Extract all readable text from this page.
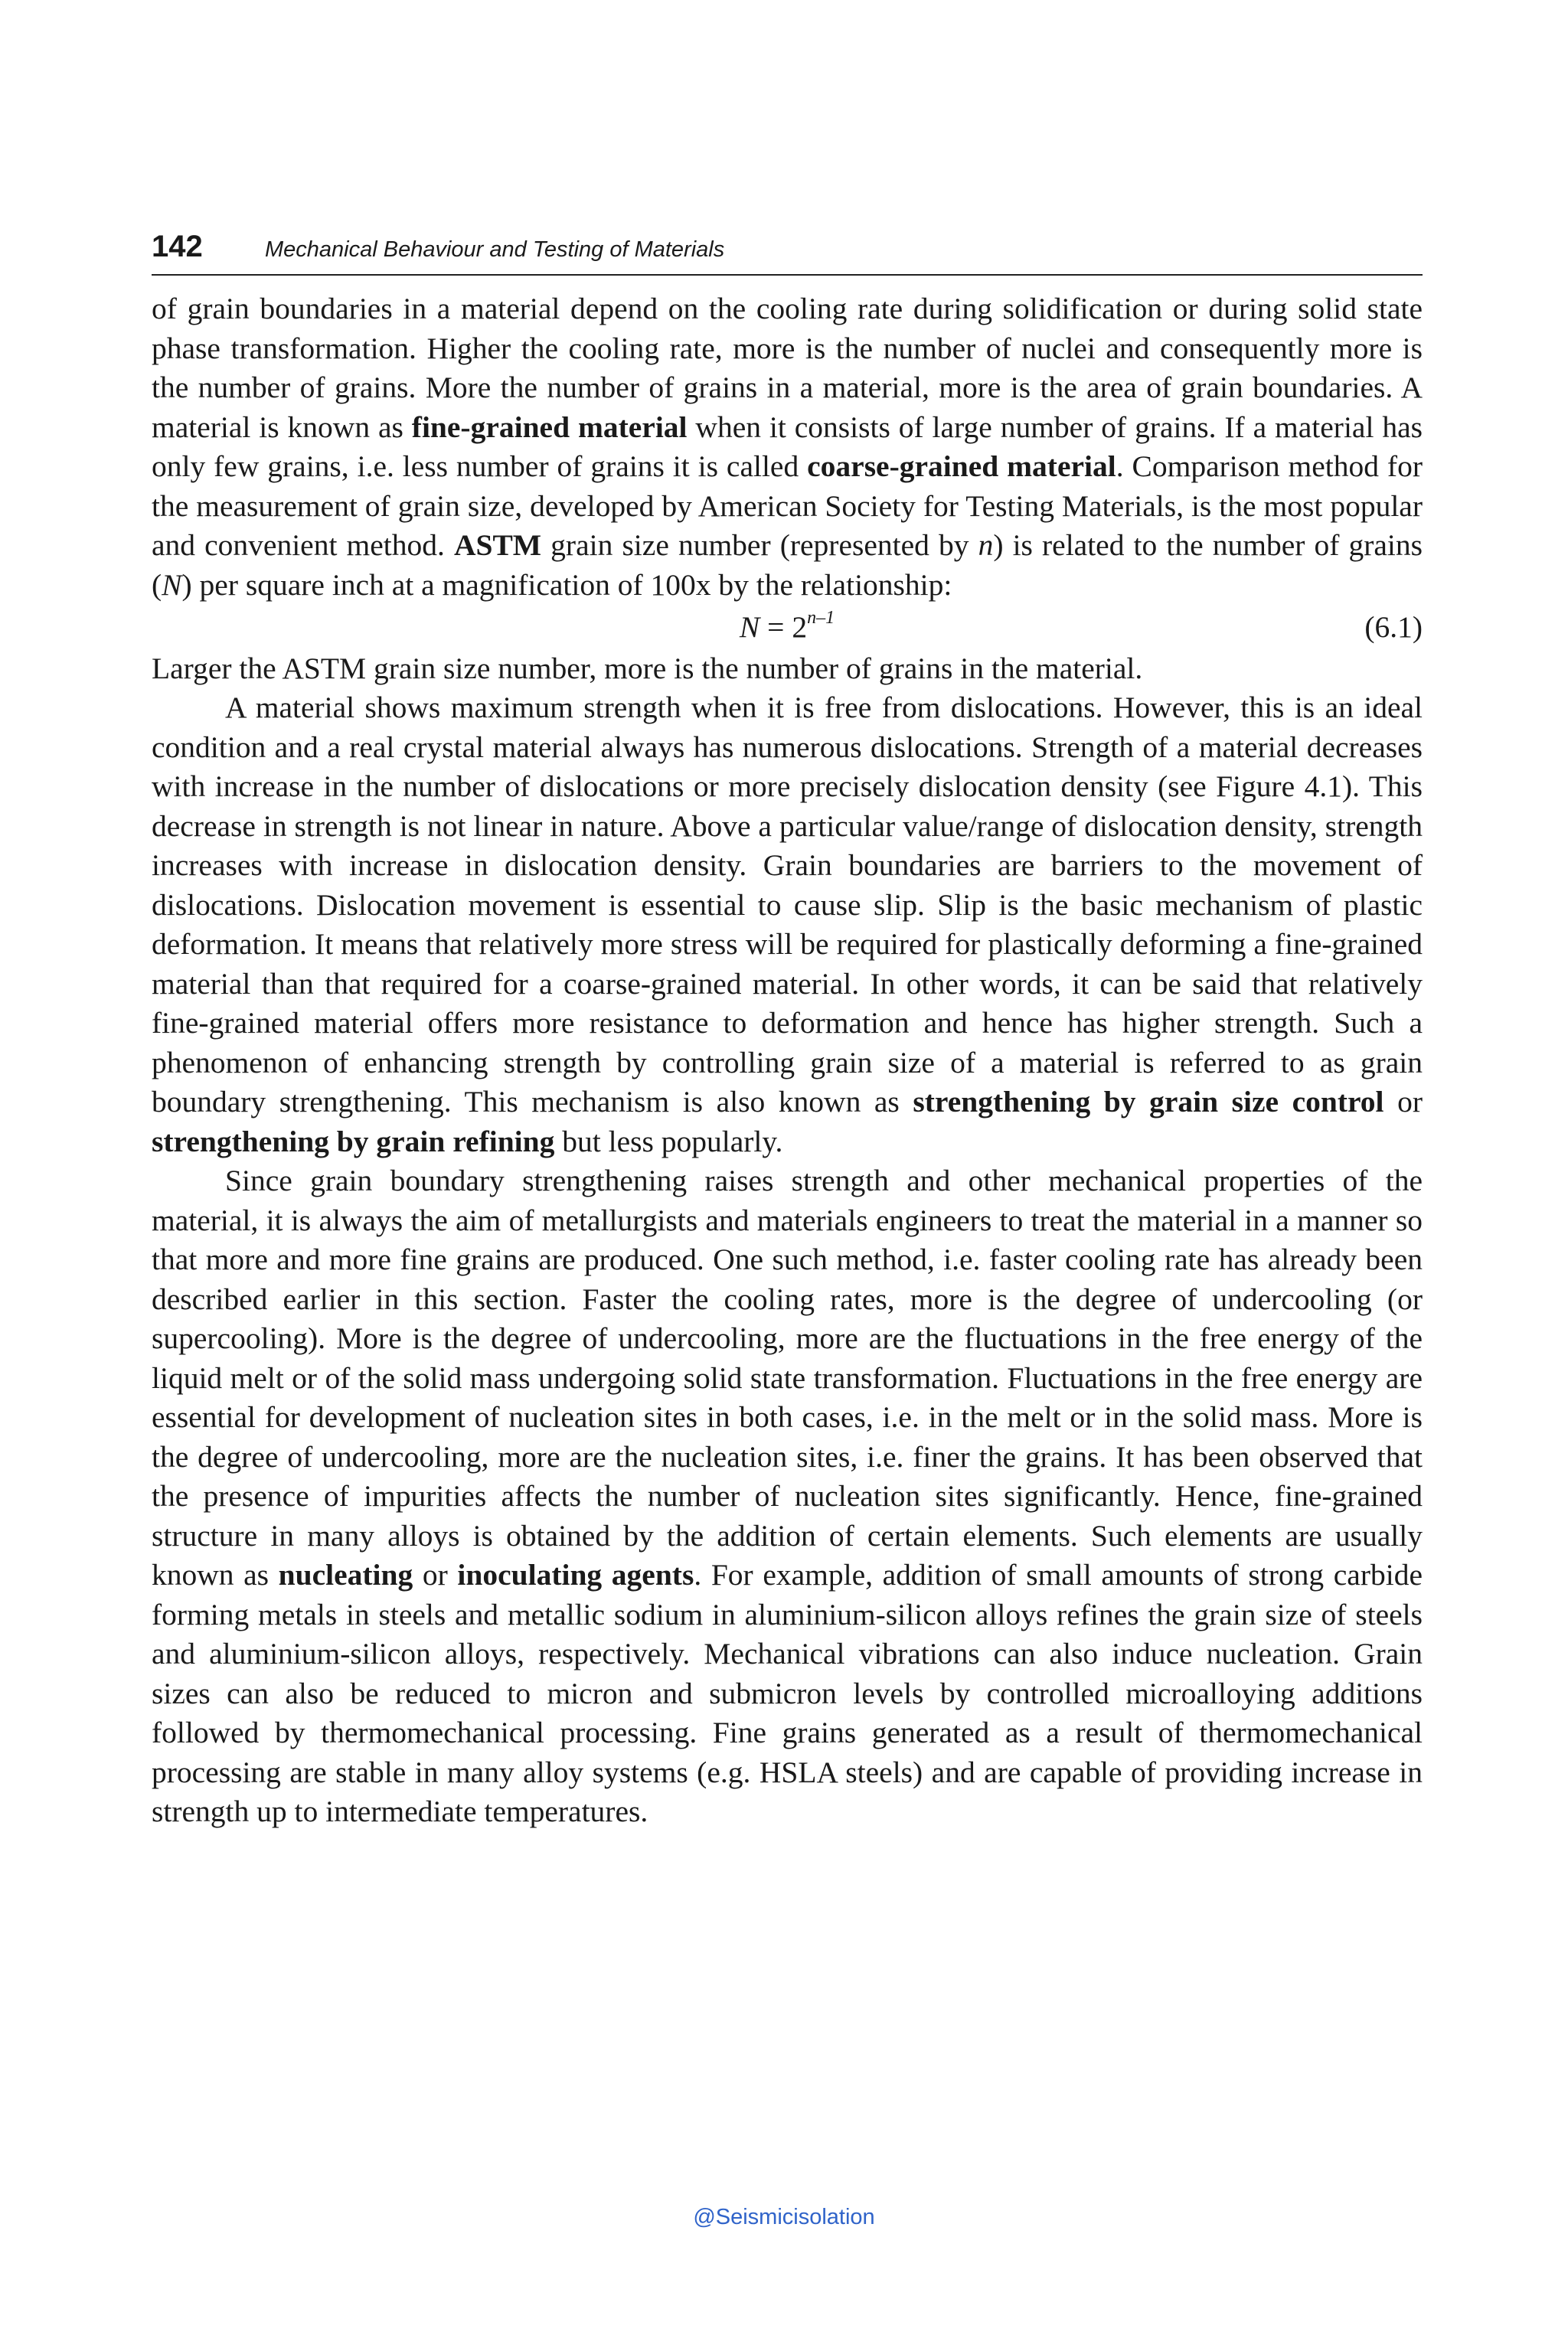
142	Mechanical Behaviour and Testing of Materials

of grain boundaries in a material depend on the cooling rate during solidification or during solid state phase transformation. Higher the cooling rate, more is the number of nuclei and consequently more is the number of grains. More the number of grains in a material, more is the area of grain boundaries. A material is known as fine-grained material when it consists of large number of grains. If a material has only few grains, i.e. less number of grains it is called coarse-grained material. Comparison method for the measurement of grain size, developed by American Society for Testing Materials, is the most popular and convenient method. ASTM grain size number (represented by n) is related to the number of grains (N) per square inch at a magnification of 100x by the relationship:

$N = 2^{n-1}$	(6.1)

Larger the ASTM grain size number, more is the number of grains in the material.

A material shows maximum strength when it is free from dislocations. However, this is an ideal condition and a real crystal material always has numerous dislocations. Strength of a material decreases with increase in the number of dislocations or more precisely dislocation density (see Figure 4.1). This decrease in strength is not linear in nature. Above a particular value/range of dislocation density, strength increases with increase in dislocation density. Grain boundaries are barriers to the movement of dislocations. Dislocation movement is essential to cause slip. Slip is the basic mechanism of plastic deformation. It means that relatively more stress will be required for plastically deforming a fine-grained material than that required for a coarse-grained material. In other words, it can be said that relatively fine-grained material offers more resistance to deformation and hence has higher strength. Such a phenomenon of enhancing strength by controlling grain size of a material is referred to as grain boundary strengthening. This mechanism is also known as strengthening by grain size control or strengthening by grain refining but less popularly.

Since grain boundary strengthening raises strength and other mechanical properties of the material, it is always the aim of metallurgists and materials engineers to treat the material in a manner so that more and more fine grains are produced. One such method, i.e. faster cooling rate has already been described earlier in this section. Faster the cooling rates, more is the degree of undercooling (or supercooling). More is the degree of undercooling, more are the fluctuations in the free energy of the liquid melt or of the solid mass undergoing solid state transformation. Fluctuations in the free energy are essential for development of nucleation sites in both cases, i.e. in the melt or in the solid mass. More is the degree of undercooling, more are the nucleation sites, i.e. finer the grains. It has been observed that the presence of impurities affects the number of nucleation sites significantly. Hence, fine-grained structure in many alloys is obtained by the addition of certain elements. Such elements are usually known as nucleating or inoculating agents. For example, addition of small amounts of strong carbide forming metals in steels and metallic sodium in aluminium-silicon alloys refines the grain size of steels and aluminium-silicon alloys, respectively. Mechanical vibrations can also induce nucleation. Grain sizes can also be reduced to micron and submicron levels by controlled microalloying additions followed by thermomechanical processing. Fine grains generated as a result of thermomechanical processing are stable in many alloy systems (e.g. HSLA steels) and are capable of providing increase in strength up to intermediate temperatures.

@Seismicisolation
